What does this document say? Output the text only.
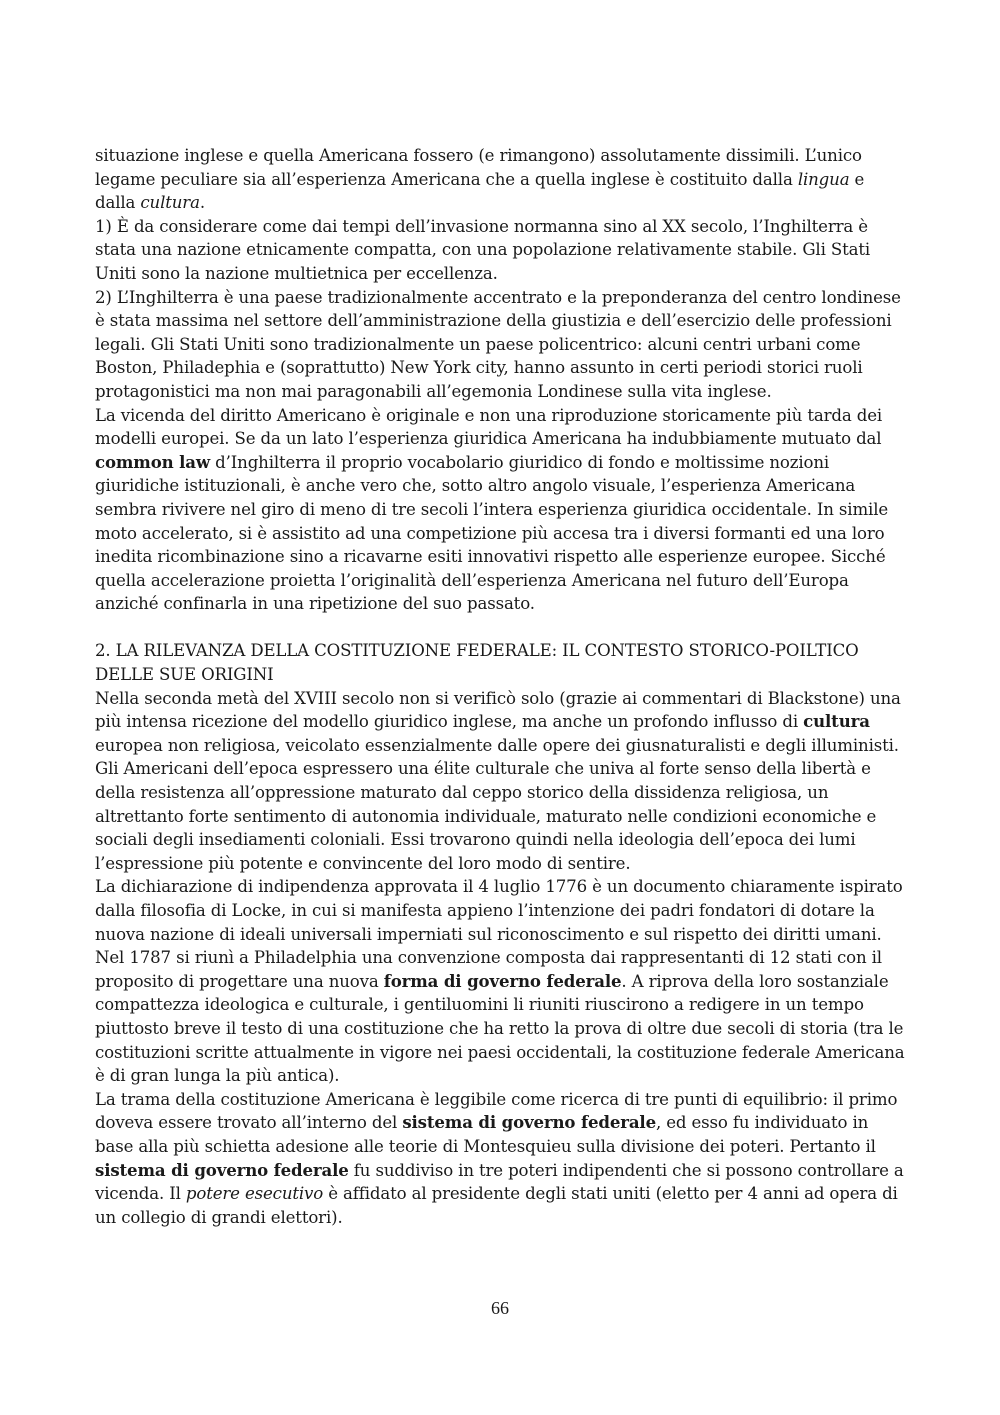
situazione inglese e quella Americana fossero (e rimangono) assolutamente dissimili. L’unico legame peculiare sia all’esperienza Americana che a quella inglese è costituito dalla lingua e dalla cultura.

1) È da considerare come dai tempi dell’invasione normanna sino al XX secolo, l’Inghilterra è stata una nazione etnicamente compatta, con una popolazione relativamente stabile. Gli Stati Uniti sono la nazione multietnica per eccellenza.

2) L’Inghilterra è una paese tradizionalmente accentrato e la preponderanza del centro londinese è stata massima nel settore dell’amministrazione della giustizia e dell’esercizio delle professioni legali. Gli Stati Uniti sono tradizionalmente un paese policentrico: alcuni centri urbani come Boston, Philadephia e (soprattutto) New York city, hanno assunto in certi periodi storici ruoli protagonistici ma non mai paragonabili all’egemonia Londinese sulla vita inglese.

La vicenda del diritto Americano è originale e non una riproduzione storicamente più tarda dei modelli europei. Se da un lato l’esperienza giuridica Americana ha indubbiamente mutuato dal common law d’Inghilterra il proprio vocabolario giuridico di fondo e moltissime nozioni giuridiche istituzionali, è anche vero che, sotto altro angolo visuale, l’esperienza Americana sembra rivivere nel giro di meno di tre secoli l’intera esperienza giuridica occidentale. In simile moto accelerato, si è assistito ad una competizione più accesa tra i diversi formanti ed una loro inedita ricombinazione sino a ricavarne esiti innovativi rispetto alle esperienze europee. Sicché quella accelerazione proietta l’originalità dell’esperienza Americana nel futuro dell’Europa anziché confinarla in una ripetizione del suo passato.

2. LA RILEVANZA DELLA COSTITUZIONE FEDERALE: IL CONTESTO STORICO-POILTICO DELLE SUE ORIGINI

Nella seconda metà del XVIII secolo non si verificò solo (grazie ai commentari di Blackstone) una più intensa ricezione del modello giuridico inglese, ma anche un profondo influsso di cultura europea non religiosa, veicolato essenzialmente dalle opere dei giusnaturalisti e degli illuministi. Gli Americani dell’epoca espressero una élite culturale che univa al forte senso della libertà e della resistenza all’oppressione maturato dal ceppo storico della dissidenza religiosa, un altrettanto forte sentimento di autonomia individuale, maturato nelle condizioni economiche e sociali degli insediamenti coloniali. Essi trovarono quindi nella ideologia dell’epoca dei lumi l’espressione più potente e convincente del loro modo di sentire.

La dichiarazione di indipendenza approvata il 4 luglio 1776 è un documento chiaramente ispirato dalla filosofia di Locke, in cui si manifesta appieno l’intenzione dei padri fondatori di dotare la nuova nazione di ideali universali imperniati sul riconoscimento e sul rispetto dei diritti umani. Nel 1787 si riunì a Philadelphia una convenzione composta dai rappresentanti di 12 stati con il proposito di progettare una nuova forma di governo federale. A riprova della loro sostanziale compattezza ideologica e culturale, i gentiluomini li riuniti riuscirono a redigere in un tempo piuttosto breve il testo di una costituzione che ha retto la prova di oltre due secoli di storia (tra le costituzioni scritte attualmente in vigore nei paesi occidentali, la costituzione federale Americana è di gran lunga la più antica).

La trama della costituzione Americana è leggibile come ricerca di tre punti di equilibrio: il primo doveva essere trovato all’interno del sistema di governo federale, ed esso fu individuato in base alla più schietta adesione alle teorie di Montesquieu sulla divisione dei poteri. Pertanto il sistema di governo federale fu suddiviso in tre poteri indipendenti che si possono controllare a vicenda. Il potere esecutivo è affidato al presidente degli stati uniti (eletto per 4 anni ad opera di un collegio di grandi elettori).

66
